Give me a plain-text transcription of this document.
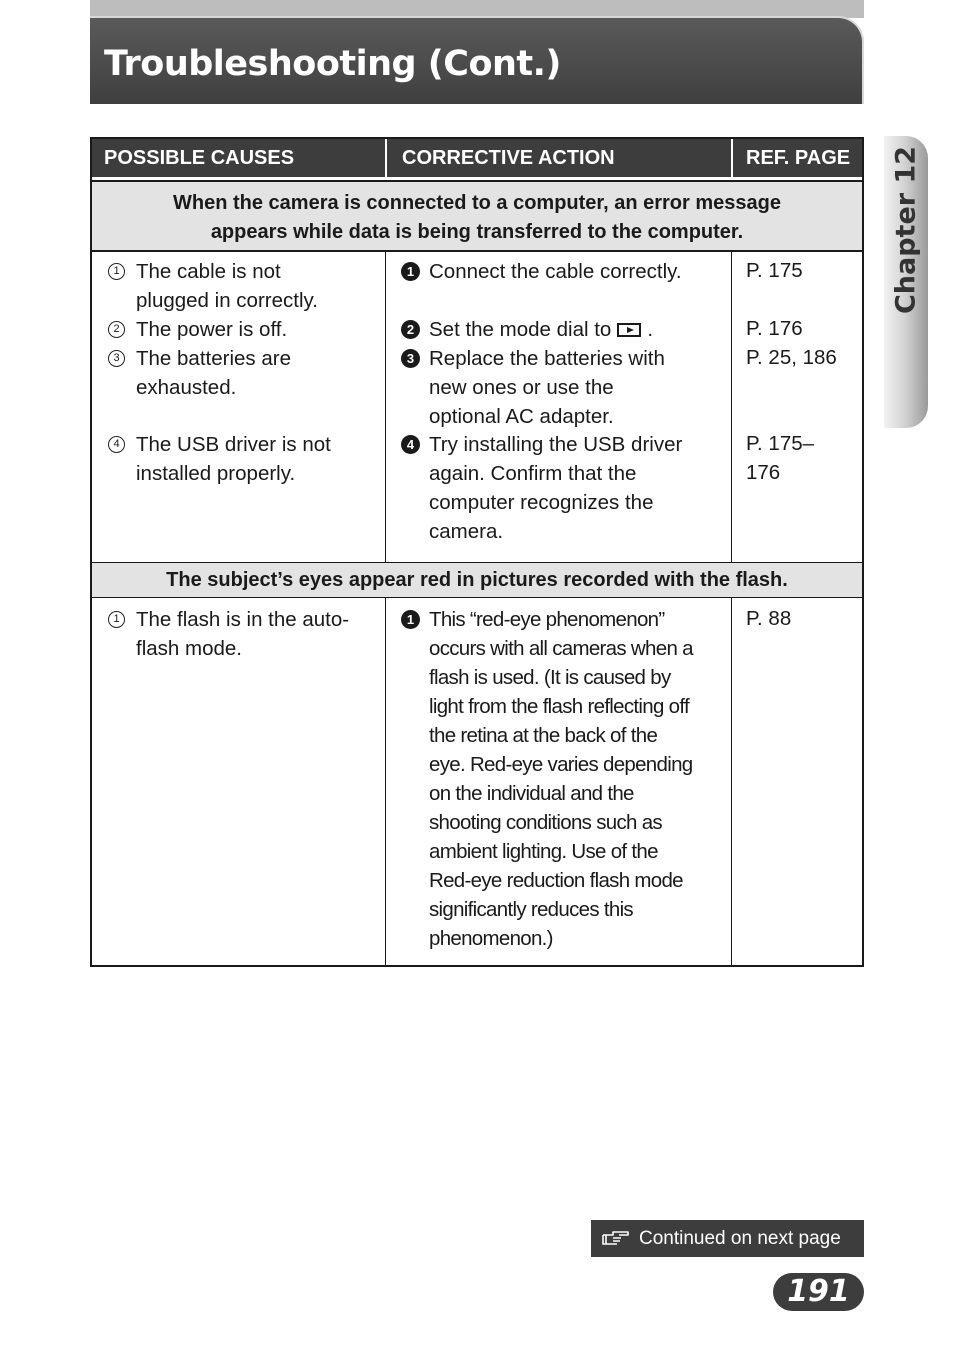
Troubleshooting (Cont.)
Chapter 12
POSSIBLE CAUSES	CORRECTIVE ACTION	REF. PAGE
When the camera is connected to a computer, an error message
appears while data is being transferred to the computer.
1 The cable is not
plugged in correctly.
2 The power is off.
3 The batteries are
exhausted.
4 The USB driver is not
installed properly.
1 Connect the cable correctly.
2 Set the mode dial to .
3 Replace the batteries with
new ones or use the
optional AC adapter.
4 Try installing the USB driver
again. Confirm that the
computer recognizes the
camera.
P. 175
P. 176
P. 25, 186
P. 175–
176
The subject’s eyes appear red in pictures recorded with the flash.
1 The flash is in the auto-
flash mode.
1 This “red-eye phenomenon”
occurs with all cameras when a
flash is used. (It is caused by
light from the flash reflecting off
the retina at the back of the
eye. Red-eye varies depending
on the individual and the
shooting conditions such as
ambient lighting. Use of the
Red-eye reduction flash mode
significantly reduces this
phenomenon.)
P. 88
Continued on next page
191
